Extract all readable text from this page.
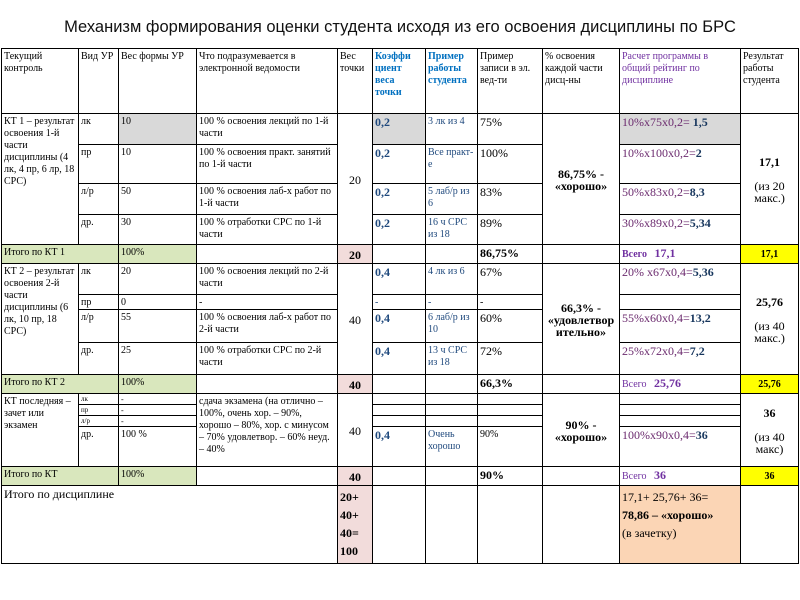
Механизм формирования оценки студента исходя из его освоения дисциплины по БРС
Текущий контроль	Вид УР	Вес формы УР	Что подразумевается в электронной ведомости	Вес точки	Коэффи циент веса точки	Пример работы студента	Пример записи в эл. вед-ти	% освоения каждой части дисц-ны	Расчет программы в общий рейтинг по дисциплине	Результат работы студента
КТ 1 – результат освоения 1-й части дисциплины (4 лк, 4 пр, 6 лр, 18 СРС)	лк	10	100 % освоения лекций по 1-й части	20	0,2	3 лк из 4	75%	86,75% - «хорошо»	10%х75х0,2= 1,5	17,1

(из 20 макс.)
	пр	10	100 % освоения практ. занятий по 1-й части		0,2	Все практ-е	100%		10%х100х0,2=2	
	л/р	50	100 % освоения лаб-х работ по 1-й части		0,2	5 лаб/р из 6	83%		50%х83х0,2=8,3	
	др.	30	100 % отработки СРС по 1-й части		0,2	16 ч СРС из 18	89%		30%х89х0,2=5,34	
Итого по КТ 1		100%		20			86,75%		Всего 17,1	17,1
КТ 2 – результат освоения 2-й части дисциплины (6 лк, 10 пр, 18 СРС)	лк	20	100 % освоения лекций по 2-й части	40	0,4	4 лк из 6	67%	66,3% - «удовлетвор ительно»	20% х67х0,4=5,36	25,76

(из 40 макс.)
	пр	0	-		-	-	-			
	л/р	55	100 % освоения лаб-х работ по 2-й части		0,4	6 лаб/р из 10	60%		55%х60х0,4=13,2	
	др.	25	100 % отработки СРС по 2-й части		0,4	13 ч СРС из 18	72%		25%х72х0,4=7,2	
Итого по КТ 2		100%		40			66,3%		Всего 25,76	25,76
КТ последняя – зачет или экзамен	лк	-	сдача экзамена (на отлично – 100%, очень хор. – 90%, хорошо – 80%, хор. с минусом – 70% удовлетвор. – 60% неуд. – 40%	40				90% - «хорошо»		36

(из 40 макс)
	пр	-								
	л/р	-								
	др.	100 %			0,4	Очень хорошо	90%		100%х90х0,4=36	
Итого по КТ		100%		40			90%		Всего 36	36
Итого по дисциплине				20+ 40+ 40= 100					17,1+ 25,76+ 36=
78,86 – «хорошо»
(в зачетку)	
